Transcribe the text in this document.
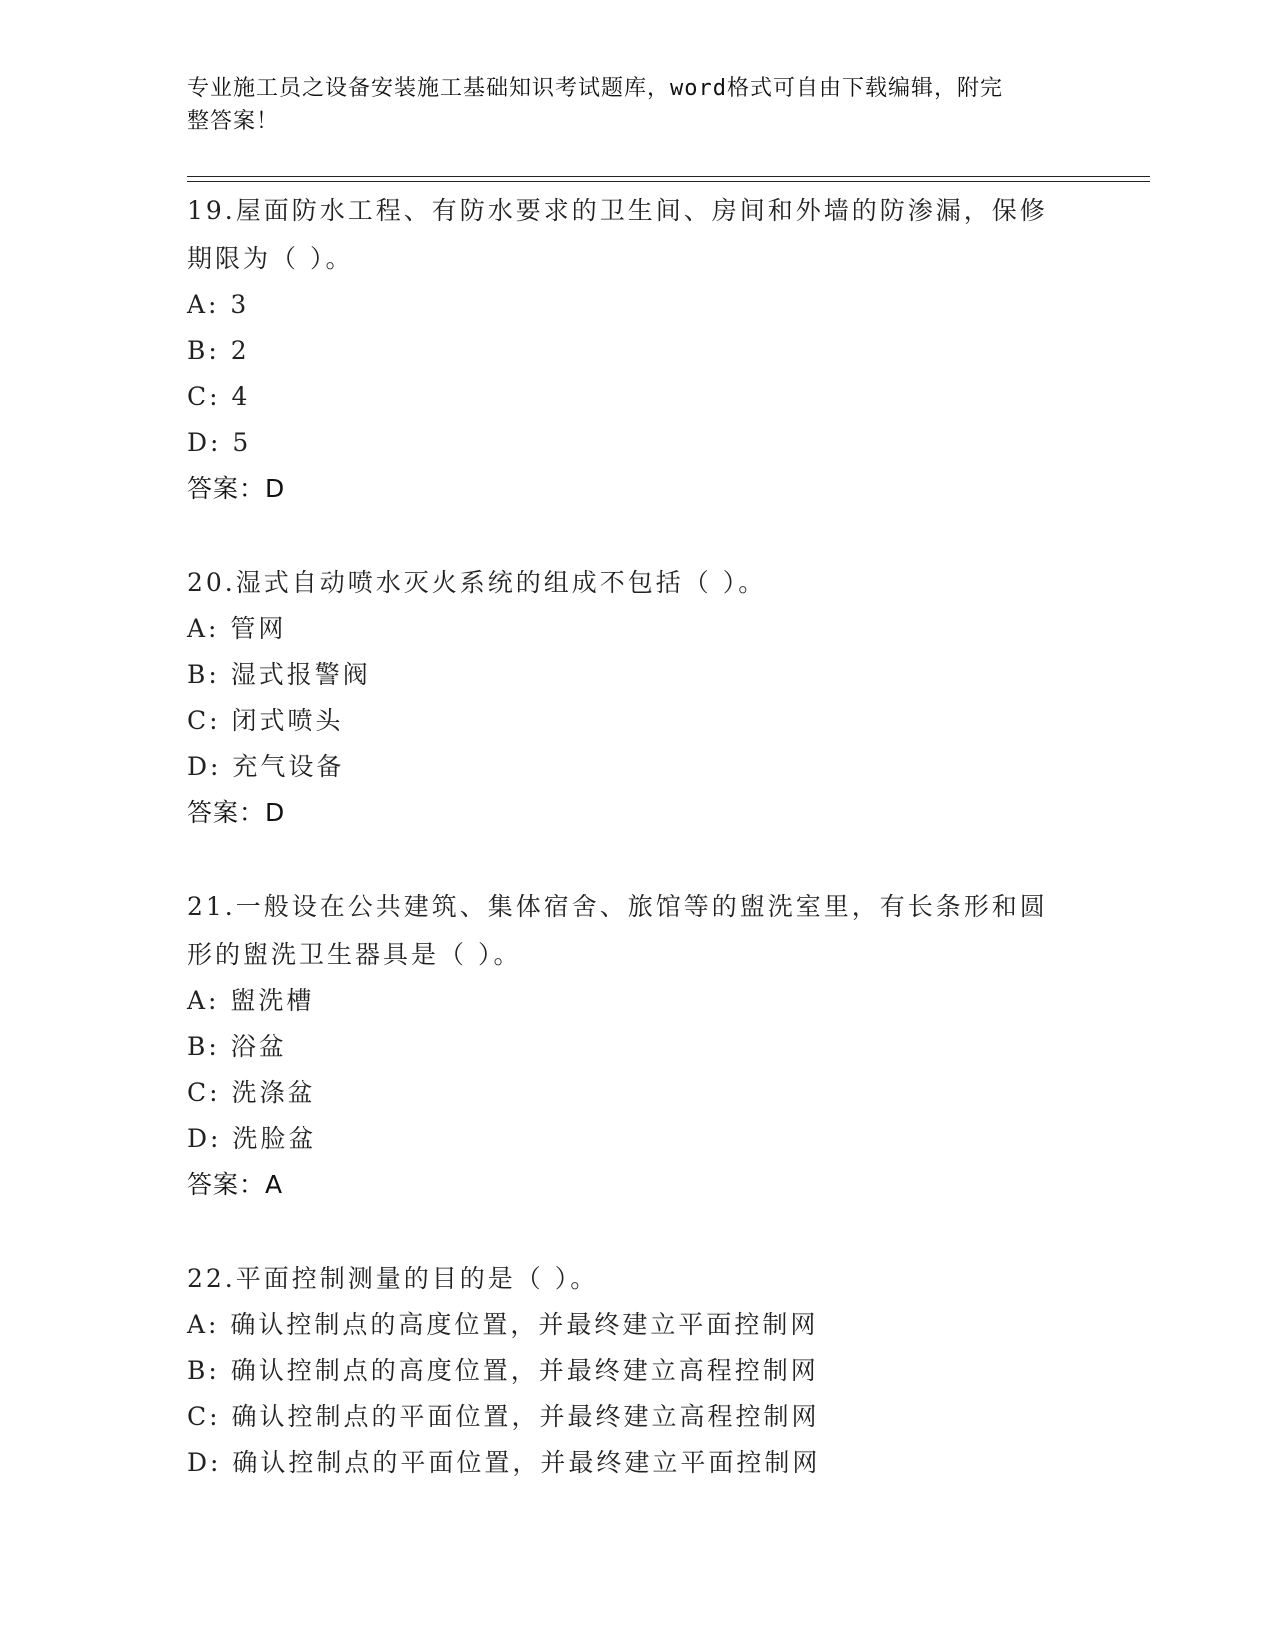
专业施工员之设备安装施工基础知识考试题库，word格式可自由下载编辑，附完
整答案！
19.屋面防水工程、有防水要求的卫生间、房间和外墙的防渗漏，保修
期限为（ ）。
A: 3
B: 2
C: 4
D: 5
答案：D
20.湿式自动喷水灭火系统的组成不包括（ ）。
A: 管网
B: 湿式报警阀
C: 闭式喷头
D: 充气设备
答案：D
21.一般设在公共建筑、集体宿舍、旅馆等的盥洗室里，有长条形和圆
形的盥洗卫生器具是（ ）。
A: 盥洗槽
B: 浴盆
C: 洗涤盆
D: 洗脸盆
答案：A
22.平面控制测量的目的是（ ）。
A: 确认控制点的高度位置，并最终建立平面控制网
B: 确认控制点的高度位置，并最终建立高程控制网
C: 确认控制点的平面位置，并最终建立高程控制网
D: 确认控制点的平面位置，并最终建立平面控制网
